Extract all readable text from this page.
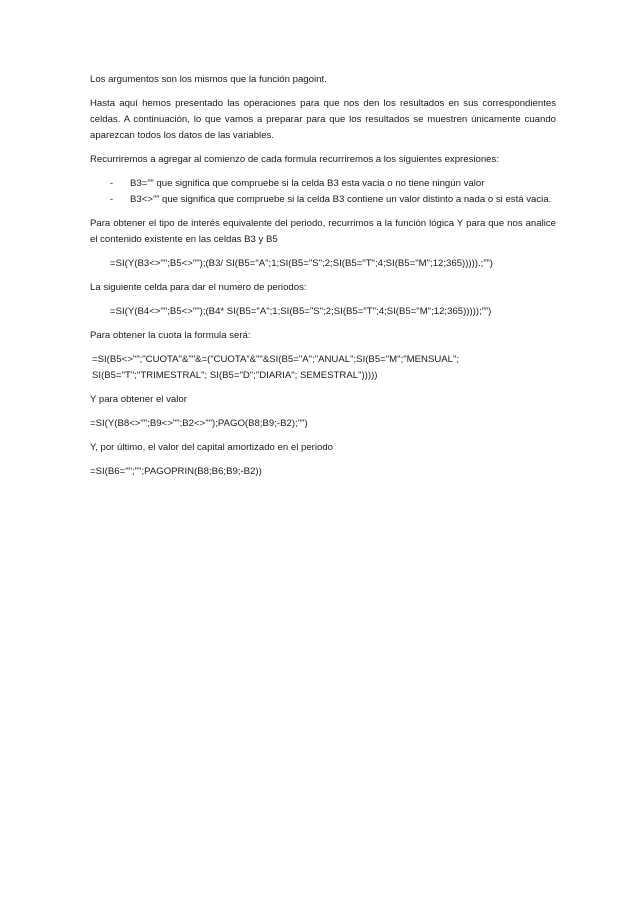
Los argumentos son los mismos que la función pagoint.

Hasta aquí hemos presentado las operaciones para que nos den los resultados en sus correspondientes celdas. A continuación, lo que vamos a preparar para que los resultados se muestren únicamente cuando aparezcan todos los datos de las variables.

Recurriremos a agregar al comienzo de cada formula recurriremos a los siguientes expresiones:

- B3=”” que significa que compruebe si la celda B3 esta vacia o no tiene ningún valor
- B3<>”” que significa que compruebe si la celda B3 contiene un valor distinto a nada o si está vacia.

Para obtener el tipo de interés equivalente del periodo, recurrimos a la función lógica Y para que nos analice el contenido existente en las celdas B3 y B5

=SI(Y(B3<>"";B5<>"");(B3/ SI(B5="A";1;SI(B5="S";2;SI(B5="T";4;SI(B5="M";12;365))))).;””)

La siguiente celda para dar el numero de periodos:

=SI(Y(B4<>"";B5<>"");(B4* SI(B5="A";1;SI(B5="S";2;SI(B5="T";4;SI(B5="M";12;365)))));””)

Para obtener la cuota la formula será:

=SI(B5<>"";"CUOTA"&""&=(”CUOTA”&""&SI(B5="A";"ANUAL";SI(B5="M";"MENSUAL";
SI(B5="T";"TRIMESTRAL"; SI(B5="D";"DIARIA"; SEMESTRAL")))))

Y para obtener el valor

=SI(Y(B8<>"";B9<>"";B2<>"");PAGO(B8;B9;-B2);"")

Y, por último, el valor del capital amortizado en el periodo

=SI(B6="";"";PAGOPRIN(B8;B6;B9;-B2))
